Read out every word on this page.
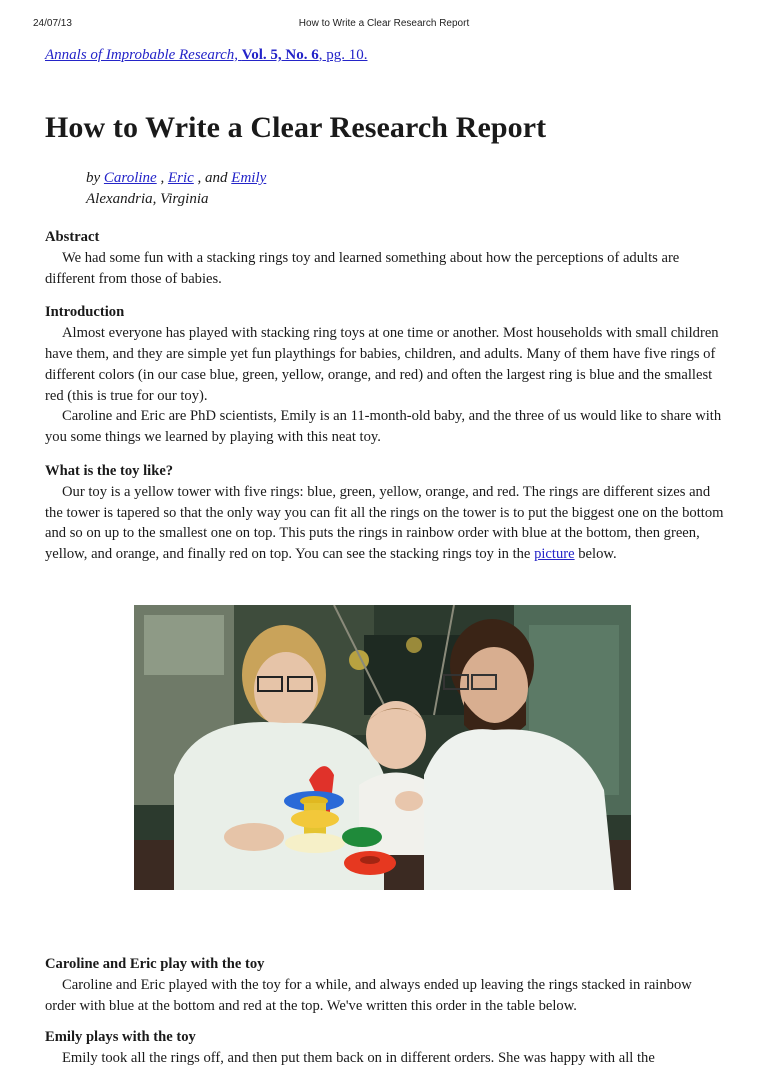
24/07/13	How to Write a Clear Research Report

Annals of Improbable Research, Vol. 5, No. 6, pg. 10.

How to Write a Clear Research Report
by Caroline , Eric , and Emily
Alexandria, Virginia

Abstract

We had some fun with a stacking rings toy and learned something about how the perceptions of adults are different from those of babies.

Introduction

Almost everyone has played with stacking ring toys at one time or another. Most households with small children have them, and they are simple yet fun playthings for babies, children, and adults. Many of them have five rings of different colors (in our case blue, green, yellow, orange, and red) and often the largest ring is blue and the smallest red (this is true for our toy).

Caroline and Eric are PhD scientists, Emily is an 11-month-old baby, and the three of us would like to share with you some things we learned by playing with this neat toy.

What is the toy like?

Our toy is a yellow tower with five rings: blue, green, yellow, orange, and red. The rings are different sizes and the tower is tapered so that the only way you can fit all the rings on the tower is to put the biggest one on the bottom and so on up to the smallest one on top. This puts the rings in rainbow order with blue at the bottom, then green, yellow, and orange, and finally red on top. You can see the stacking rings toy in the picture below.

Caroline and Eric play with the toy

Caroline and Eric played with the toy for a while, and always ended up leaving the rings stacked in rainbow order with blue at the bottom and red at the top. We've written this order in the table below.

Emily plays with the toy

Emily took all the rings off, and then put them back on in different orders. She was happy with all the
